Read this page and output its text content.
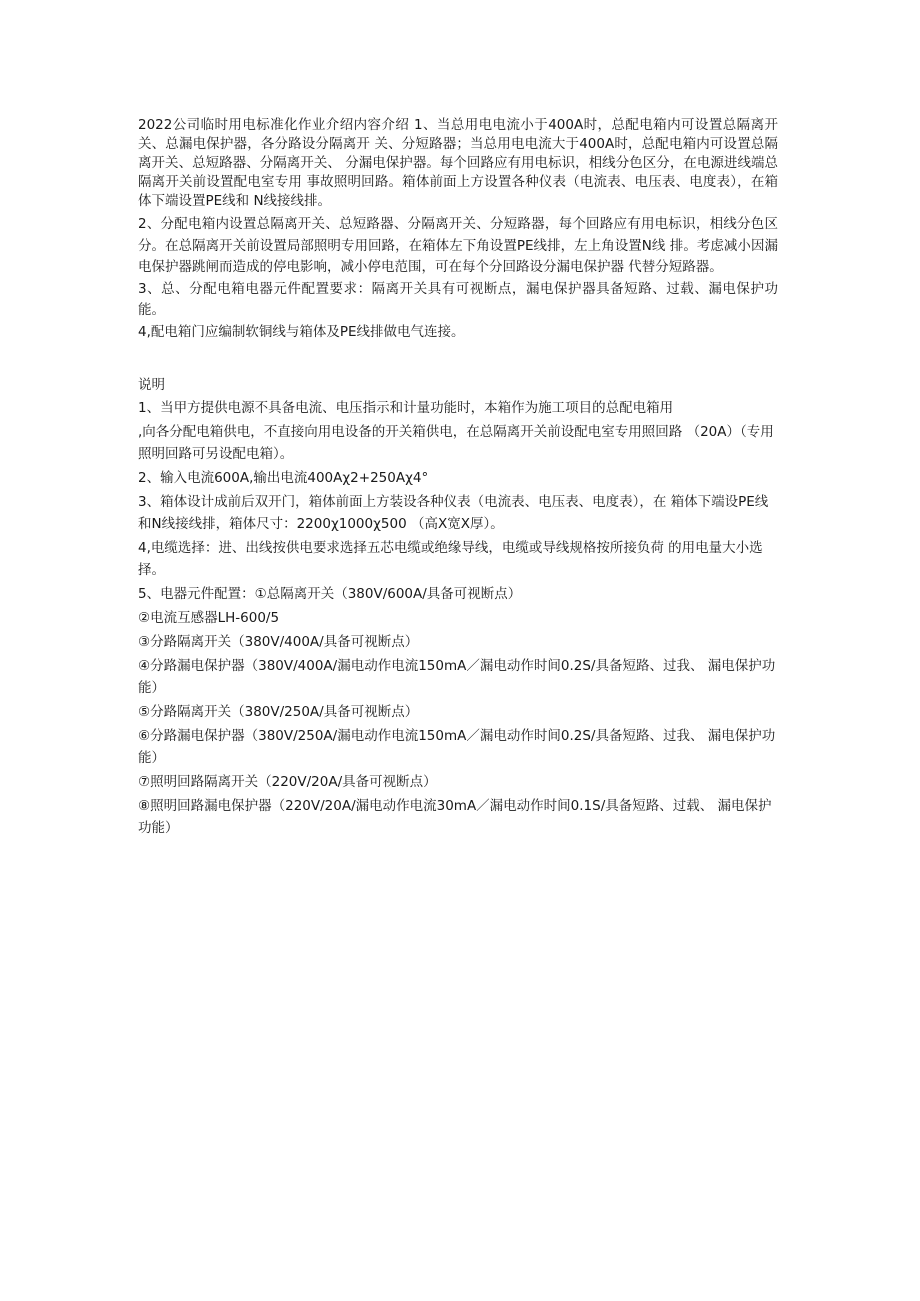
2022公司临时用电标准化作业介绍内容介绍 1、当总用电电流小于400A时，总配电箱内可设置总隔离开关、总漏电保护器，各分路设分隔离开 关、分短路器；当总用电电流大于400A时，总配电箱内可设置总隔离开关、总短路器、分隔离开关、 分漏电保护器。每个回路应有用电标识，相线分色区分，在电源进线端总隔离开关前设置配电室专用 事故照明回路。箱体前面上方设置各种仪表（电流表、电压表、电度表），在箱体下端设置PE线和 N线接线排。

2、分配电箱内设置总隔离开关、总短路器、分隔离开关、分短路器，每个回路应有用电标识，相线分色区分。在总隔离开关前设置局部照明专用回路，在箱体左下角设置PE线排，左上角设置N线 排。考虑减小因漏电保护器跳闸而造成的停电影响，减小停电范围，可在每个分回路设分漏电保护器 代替分短路器。

3、总、分配电箱电器元件配置要求：隔离开关具有可视断点，漏电保护器具备短路、过载、漏电保护功能。

4,配电箱门应编制软铜线与箱体及PE线排做电气连接。

说明

1、当甲方提供电源不具备电流、电压指示和计量功能时，本箱作为施工项目的总配电箱用

,向各分配电箱供电，不直接向用电设备的开关箱供电，在总隔离开关前设配电室专用照回路 （20A）（专用照明回路可另设配电箱）。

2、输入电流600A,输出电流400Aχ2+250Aχ4°

3、箱体设计成前后双开门，箱体前面上方装设各种仪表（电流表、电压表、电度表），在 箱体下端设PE线和N线接线排，箱体尺寸：2200χ1000χ500 （高X宽X厚）。

4,电缆选择：进、出线按供电要求选择五芯电缆或绝缘导线，电缆或导线规格按所接负荷 的用电量大小选择。

5、电器元件配置：①总隔离开关（380V/600A/具备可视断点）

②电流互感器LH-600/5

③分路隔离开关（380V/400A/具备可视断点）

④分路漏电保护器（380V/400A/漏电动作电流150mA／漏电动作时间0.2S/具备短路、过我、 漏电保护功能）

⑤分路隔离开关（380V/250A/具备可视断点）

⑥分路漏电保护器（380V/250A/漏电动作电流150mA／漏电动作时间0.2S/具备短路、过我、 漏电保护功能）

⑦照明回路隔离开关（220V/20A/具备可视断点）

⑧照明回路漏电保护器（220V/20A/漏电动作电流30mA／漏电动作时间0.1S/具备短路、过载、 漏电保护功能）
